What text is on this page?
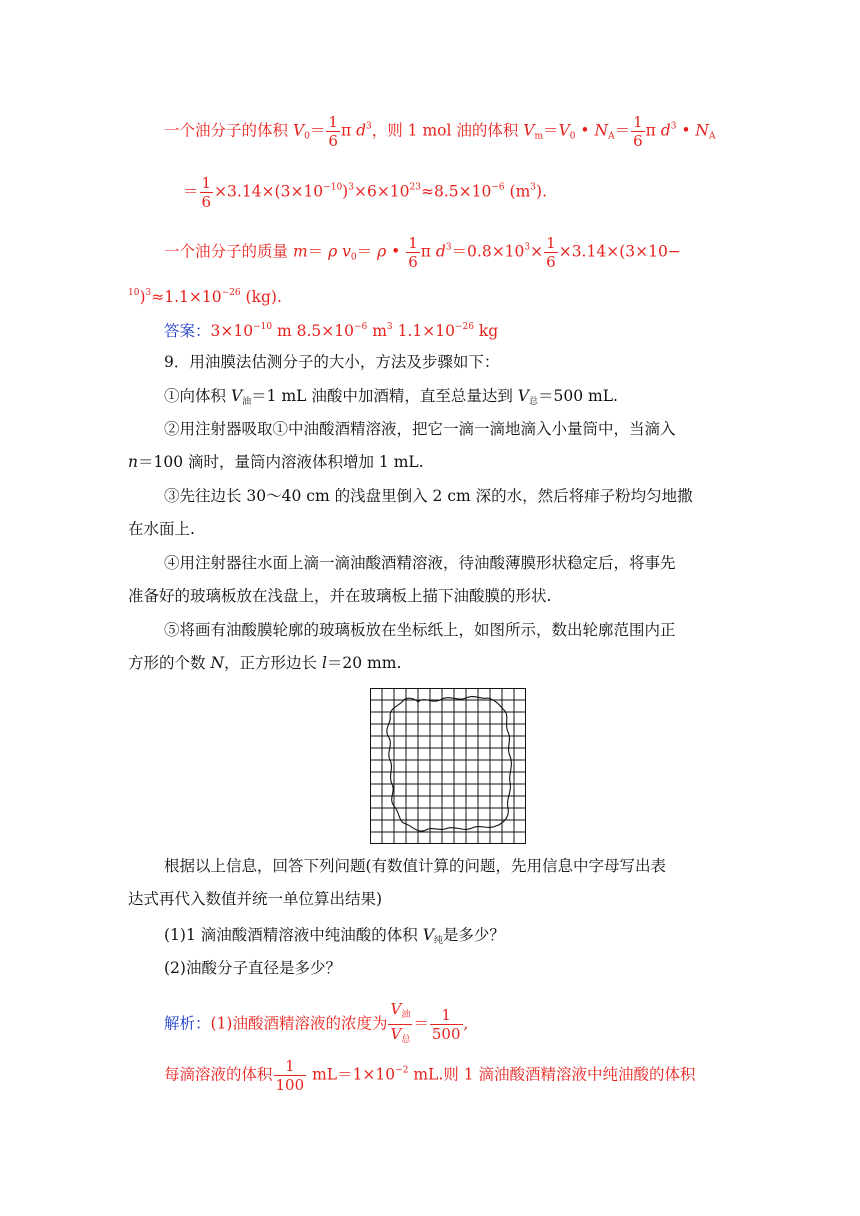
一个油分子的体积 $V_0= \frac{1}{6}$ π $d^3$，则 1 mol 油的体积 $V_m=V_0$ • $N_A= \frac{1}{6}$ π $d^3$ • $N_A$
＝ $\frac{1}{6} \times 3.14\times(3\times 10^{-10})^3\times 6\times 10^{23}\approx 8.5\times 10^{-6}$ $(m^3)$.
一个油分子的质量 m＝ ρ $v_0= \rho$ • $\frac{1}{6}$ π $d^3=0.8\times 10^3\times \frac{1}{6} \times 3.14\times(3\times 10-$
$^{10})^3\approx 1.1\times 10^{-26}$ (kg).
答案：$3\times 10^{-10}$ m $8.5\times 10^{-6}$ $m^3$ $1.1\times 10^{-26}$ kg
9．用油膜法估测分子的大小，方法及步骤如下：
①向体积 $V_油=1$ mL 油酸中加酒精，直至总量达到 $V_总=500$ mL.
②用注射器吸取①中油酸酒精溶液，把它一滴一滴地滴入小量筒中，当滴入
n＝100 滴时，量筒内溶液体积增加 1 mL.
③先往边长 30～40 cm 的浅盘里倒入 2 cm 深的水，然后将痱子粉均匀地撒
在水面上.
④用注射器往水面上滴一滴油酸酒精溶液，待油酸薄膜形状稳定后，将事先
准备好的玻璃板放在浅盘上，并在玻璃板上描下油酸膜的形状.
⑤将画有油酸膜轮廓的玻璃板放在坐标纸上，如图所示，数出轮廓范围内正
方形的个数 N，正方形边长 l＝20 mm.
根据以上信息，回答下列问题(有数值计算的问题，先用信息中字母写出表
达式再代入数值并统一单位算出结果)
(1)1 滴油酸酒精溶液中纯油酸的体积 $V_纯$是多少？
(2)油酸分子直径是多少？
解析：(1)油酸酒精溶液的浓度为 $\frac{V_油}{V_总} = \frac{1}{500}$ ,
每滴溶液的体积 $\frac{1}{100} mL=1\times 10^{-2}$ mL.则 1 滴油酸酒精溶液中纯油酸的体积
